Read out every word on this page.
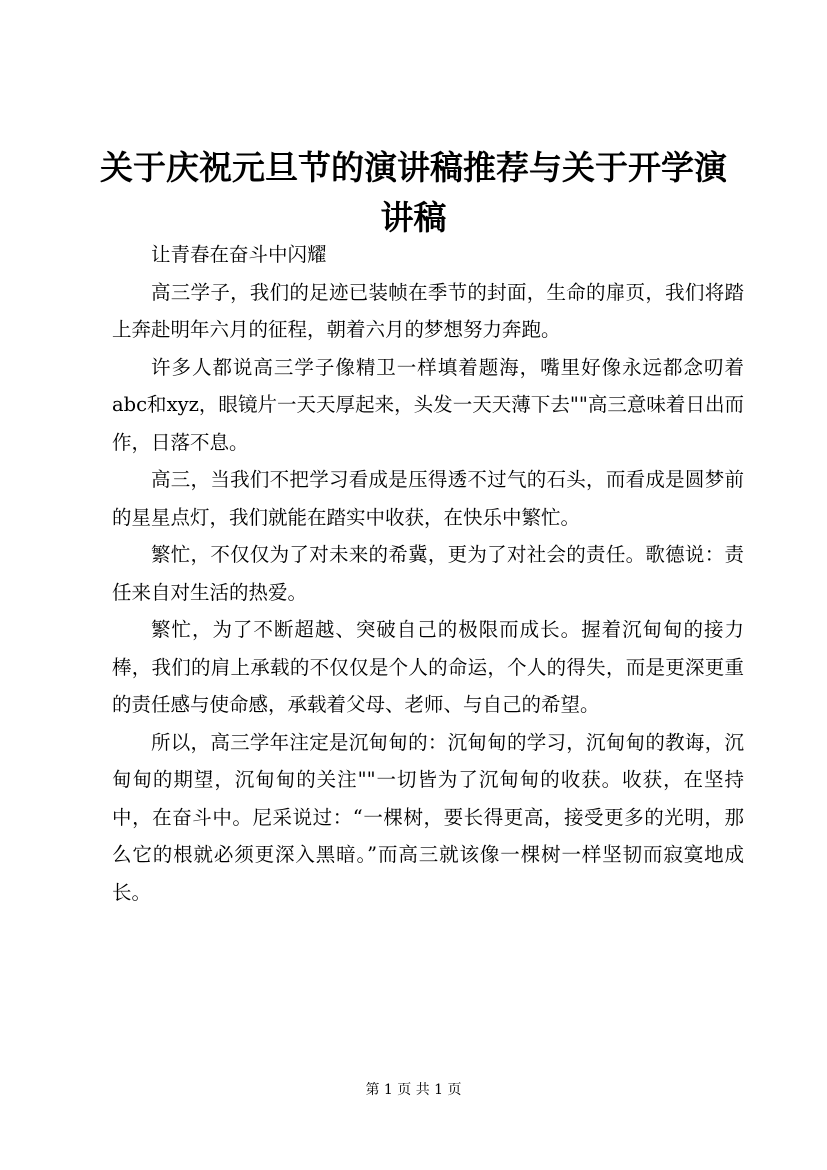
关于庆祝元旦节的演讲稿推荐与关于开学演讲稿

让青春在奋斗中闪耀

高三学子，我们的足迹已装帧在季节的封面，生命的扉页，我们将踏上奔赴明年六月的征程，朝着六月的梦想努力奔跑。

许多人都说高三学子像精卫一样填着题海，嘴里好像永远都念叨着abc和xyz，眼镜片一天天厚起来，头发一天天薄下去""高三意味着日出而作，日落不息。

高三，当我们不把学习看成是压得透不过气的石头，而看成是圆梦前的星星点灯，我们就能在踏实中收获，在快乐中繁忙。

繁忙，不仅仅为了对未来的希冀，更为了对社会的责任。歌德说：责任来自对生活的热爱。

繁忙，为了不断超越、突破自己的极限而成长。握着沉甸甸的接力棒，我们的肩上承载的不仅仅是个人的命运，个人的得失，而是更深更重的责任感与使命感，承载着父母、老师、与自己的希望。

所以，高三学年注定是沉甸甸的：沉甸甸的学习，沉甸甸的教诲，沉甸甸的期望，沉甸甸的关注""一切皆为了沉甸甸的收获。收获，在坚持中，在奋斗中。尼采说过：“一棵树，要长得更高，接受更多的光明，那么它的根就必须更深入黑暗。”而高三就该像一棵树一样坚韧而寂寞地成长。

第 1 页 共 1 页
